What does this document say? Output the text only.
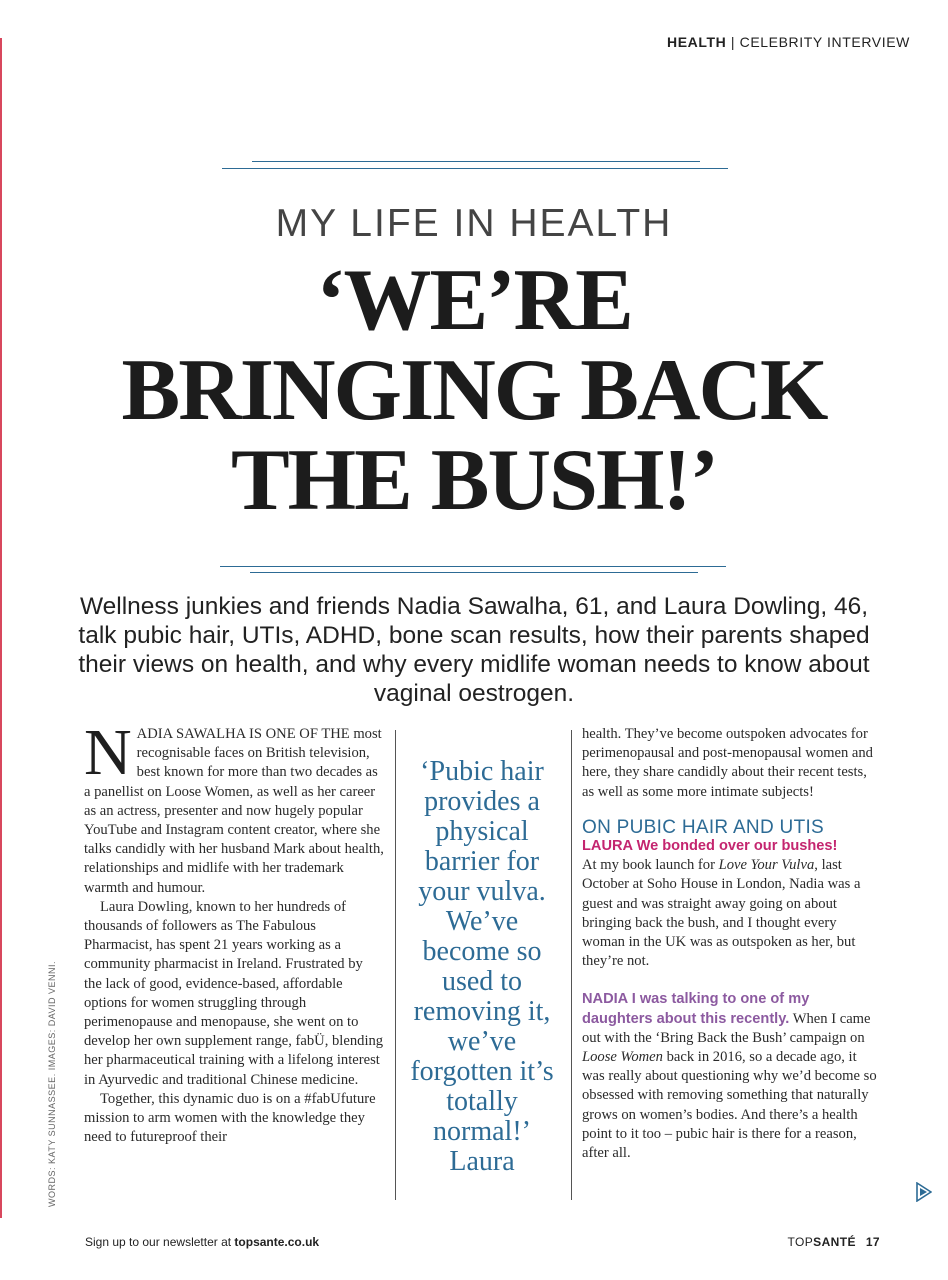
HEALTH | CELEBRITY INTERVIEW
MY LIFE IN HEALTH
‘WE’RE
BRINGING BACK
THE BUSH!’
Wellness junkies and friends Nadia Sawalha, 61, and Laura Dowling, 46, talk pubic hair, UTIs, ADHD, bone scan results, how their parents shaped their views on health, and why every midlife woman needs to know about vaginal oestrogen.

N ADIA SAWALHA IS ONE OF THE most recognisable faces on British television, best known for more than two decades as a panellist on Loose Women, as well as her career as an actress, presenter and now hugely popular YouTube and Instagram content creator, where she talks candidly with her husband Mark about health, relationships and midlife with her trademark warmth and humour.

Laura Dowling, known to her hundreds of thousands of followers as The Fabulous Pharmacist, has spent 21 years working as a community pharmacist in Ireland. Frustrated by the lack of good, evidence-based, affordable options for women struggling through perimenopause and menopause, she went on to develop her own supplement range, fabÜ, blending her pharmaceutical training with a lifelong interest in Ayurvedic and traditional Chinese medicine.

Together, this dynamic duo is on a #fabUfuture mission to arm women with the knowledge they need to futureproof their

‘Pubic hair provides a physical barrier for your vulva. We’ve become so used to removing it, we’ve forgotten it’s totally normal!’
Laura

health. They’ve become outspoken advocates for perimenopausal and post-menopausal women and here, they share candidly about their recent tests, as well as some more intimate subjects!

ON PUBIC HAIR AND UTIS

LAURA We bonded over our bushes!
At my book launch for Love Your Vulva, last October at Soho House in London, Nadia was a guest and was straight away going on about bringing back the bush, and I thought every woman in the UK was as outspoken as her, but they’re not.

NADIA I was talking to one of my daughters about this recently. When I came out with the ‘Bring Back the Bush’ campaign on Loose Women back in 2016, so a decade ago, it was really about questioning why we’d become so obsessed with removing something that naturally grows on women’s bodies. And there’s a health point to it too – pubic hair is there for a reason, after all.

WORDS: KATY SUNNASSEE. IMAGES: DAVID VENNI.
Sign up to our newsletter at topsante.co.uk	TOPSANTÉ 17
